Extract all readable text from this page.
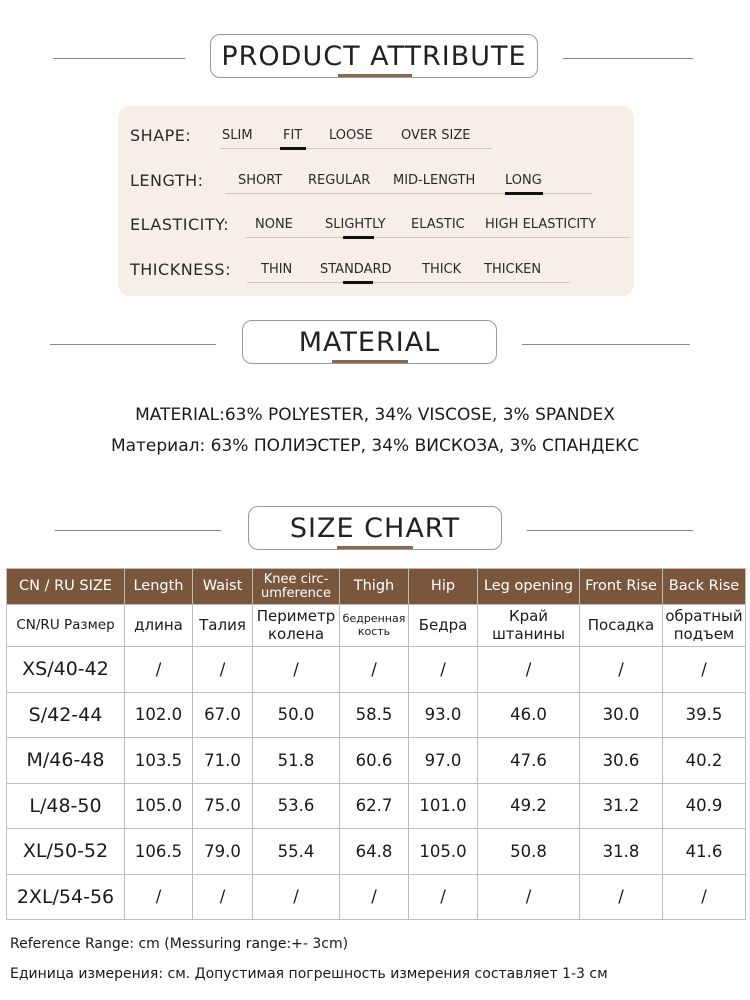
PRODUCT ATTRIBUTE
SHAPE: SLIM FIT LOOSE OVER SIZE
LENGTH:	SHORT REGULAR MID-LENGTH LONG
ELASTICITY: NONE SLIGHTLY ELASTIC HIGH ELASTICITY
THICKNESS: THIN STANDARD THICK THICKEN
MATERIAL
MATERIAL:63% POLYESTER, 34% VISCOSE, 3% SPANDEX
Материал: 63% ПОЛИЭСТЕР, 34% ВИСКОЗА, 3% СПАНДЕКС
SIZE CHART
CN / RU SIZE	Length	Waist	Knee circ-umference	Thigh	Hip	Leg opening	Front Rise	Back Rise
CN/RU Размер	длина	Талия	Периметр колена	бедренная кость	Бедра	Край штанины	Посадка	обратный подъем
XS/40-42	/	/	/	/	/	/	/	/
S/42-44	102.0	67.0	50.0	58.5	93.0	46.0	30.0	39.5
M/46-48	103.5	71.0	51.8	60.6	97.0	47.6	30.6	40.2
L/48-50	105.0	75.0	53.6	62.7	101.0	49.2	31.2	40.9
XL/50-52	106.5	79.0	55.4	64.8	105.0	50.8	31.8	41.6
2XL/54-56	/	/	/	/	/	/	/	/
Reference Range: cm (Messuring range:+- 3cm)
Единица измерения: см. Допустимая погрешность измерения составляет 1-3 см
